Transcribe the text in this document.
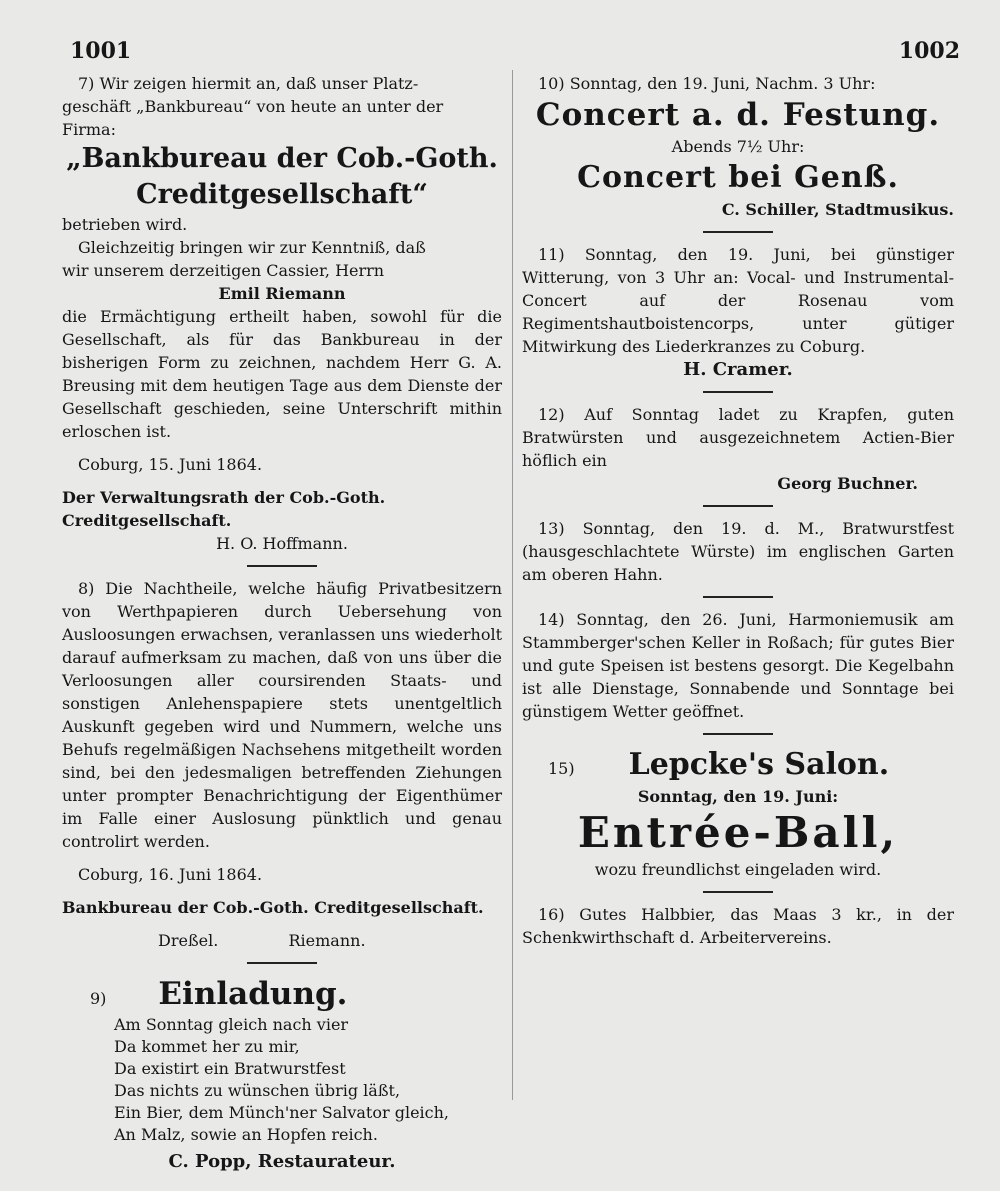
1001	1002

7) Wir zeigen hiermit an, daß unser Platz-

geschäft „Bankbureau“ von heute an unter der

Firma:

„Bankbureau der Cob.-Goth.

Creditgesellschaft“

betrieben wird.

Gleichzeitig bringen wir zur Kenntniß, daß

wir unserem derzeitigen Cassier, Herrn

Emil Riemann

die Ermächtigung ertheilt haben, sowohl für die Gesellschaft, als für das Bankbureau in der bisherigen Form zu zeichnen, nachdem Herr G. A. Breusing mit dem heutigen Tage aus dem Dienste der Gesellschaft geschieden, seine Unterschrift mithin erloschen ist.

Coburg, 15. Juni 1864.

Der Verwaltungsrath der Cob.-Goth. Creditgesellschaft.

H. O. Hoffmann.

8) Die Nachtheile, welche häufig Privatbesitzern von Werthpapieren durch Uebersehung von Ausloosungen erwachsen, veranlassen uns wiederholt darauf aufmerksam zu machen, daß von uns über die Verloosungen aller coursirenden Staats- und sonstigen Anlehenspapiere stets unentgeltlich Auskunft gegeben wird und Nummern, welche uns Behufs regelmäßigen Nachsehens mitgetheilt worden sind, bei den jedesmaligen betreffenden Ziehungen unter prompter Benachrichtigung der Eigenthümer im Falle einer Auslosung pünktlich und genau controlirt werden.

Coburg, 16. Juni 1864.

Bankbureau der Cob.-Goth. Creditgesellschaft.

Dreßel.	Riemann.

9)	Einladung.

Am Sonntag gleich nach vier

Da kommet her zu mir,

Da existirt ein Bratwurstfest

Das nichts zu wünschen übrig läßt,

Ein Bier, dem Münch'ner Salvator gleich,

An Malz, sowie an Hopfen reich.

C. Popp, Restaurateur.

10) Sonntag, den 19. Juni, Nachm. 3 Uhr:

Concert a. d. Festung.

Abends 7½ Uhr:

Concert bei Genß.

C. Schiller, Stadtmusikus.

11) Sonntag, den 19. Juni, bei günstiger Witterung, von 3 Uhr an: Vocal- und Instrumental-Concert auf der Rosenau vom Regimentshautboistencorps, unter gütiger Mitwirkung des Liederkranzes zu Coburg.

H. Cramer.

12) Auf Sonntag ladet zu Krapfen, guten Bratwürsten und ausgezeichnetem Actien-Bier höflich ein

Georg Buchner.

13) Sonntag, den 19. d. M., Bratwurstfest (hausgeschlachtete Würste) im englischen Garten am oberen Hahn.

14) Sonntag, den 26. Juni, Harmoniemusik am Stammberger'schen Keller in Roßach; für gutes Bier und gute Speisen ist bestens gesorgt. Die Kegelbahn ist alle Dienstage, Sonnabende und Sonntage bei günstigem Wetter geöffnet.

15)	Lepcke's Salon.

Sonntag, den 19. Juni:

Entrée-Ball,

wozu freundlichst eingeladen wird.

16) Gutes Halbbier, das Maas 3 kr., in der Schenkwirthschaft d. Arbeitervereins.
